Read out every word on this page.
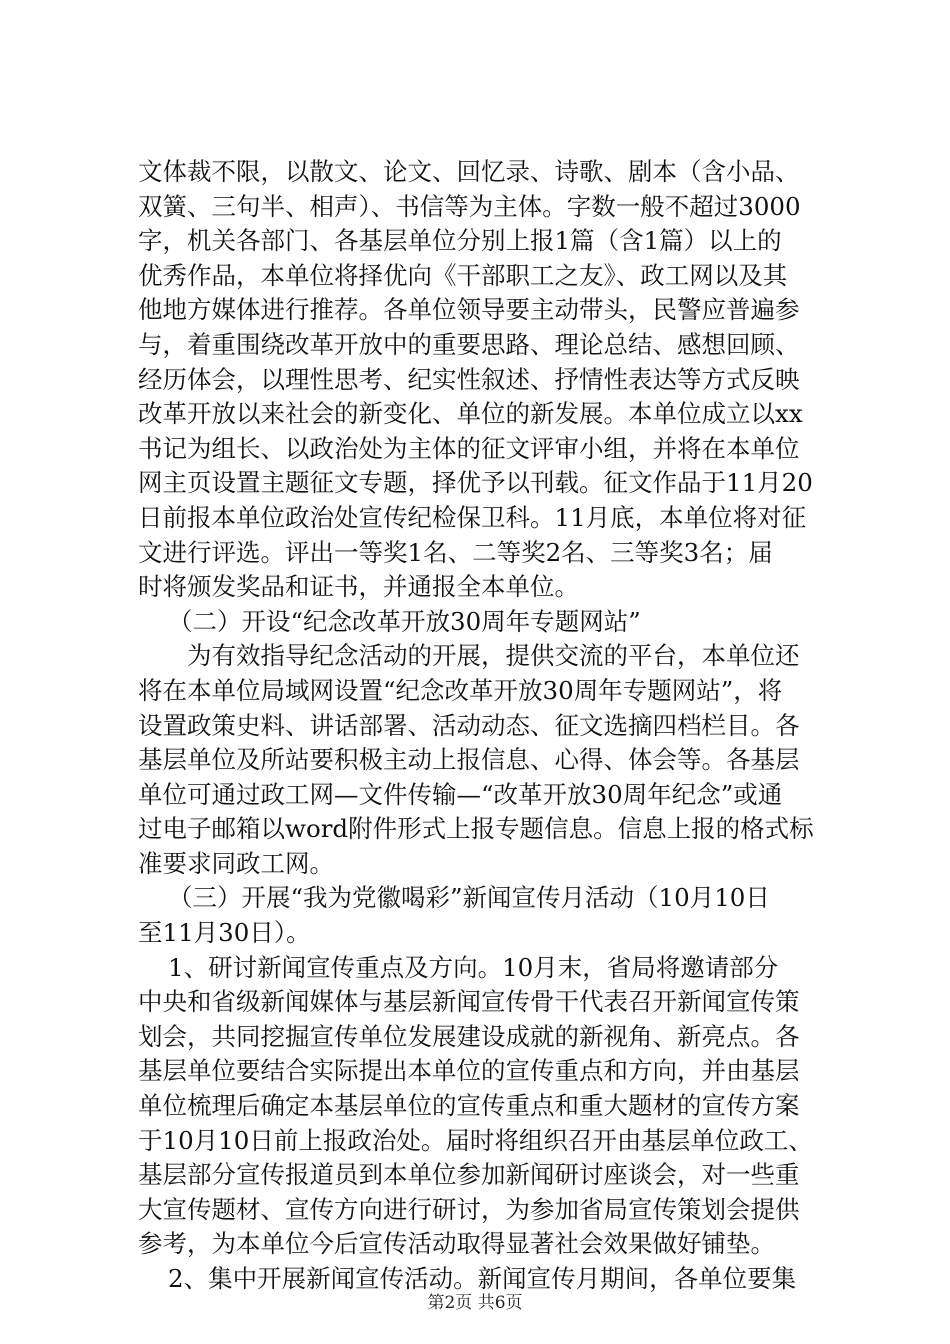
文体裁不限，以散文、论文、回忆录、诗歌、剧本（含小品、
双簧、三句半、相声）、书信等为主体。字数一般不超过3000
字，机关各部门、各基层单位分别上报1篇（含1篇）以上的
优秀作品，本单位将择优向《干部职工之友》、政工网以及其
他地方媒体进行推荐。各单位领导要主动带头，民警应普遍参
与，着重围绕改革开放中的重要思路、理论总结、感想回顾、
经历体会，以理性思考、纪实性叙述、抒情性表达等方式反映
改革开放以来社会的新变化、单位的新发展。本单位成立以xx
书记为组长、以政治处为主体的征文评审小组，并将在本单位
网主页设置主题征文专题，择优予以刊载。征文作品于11月20
日前报本单位政治处宣传纪检保卫科。11月底，本单位将对征
文进行评选。评出一等奖1名、二等奖2名、三等奖3名；届
时将颁发奖品和证书，并通报全本单位。
（二）开设“纪念改革开放30周年专题网站”
为有效指导纪念活动的开展，提供交流的平台，本单位还
将在本单位局域网设置“纪念改革开放30周年专题网站”，将
设置政策史料、讲话部署、活动动态、征文选摘四档栏目。各
基层单位及所站要积极主动上报信息、心得、体会等。各基层
单位可通过政工网—文件传输—“改革开放30周年纪念”或通
过电子邮箱以word附件形式上报专题信息。信息上报的格式标
准要求同政工网。
（三）开展“我为党徽喝彩”新闻宣传月活动（10月10日
至11月30日）。
1、研讨新闻宣传重点及方向。10月末，省局将邀请部分
中央和省级新闻媒体与基层新闻宣传骨干代表召开新闻宣传策
划会，共同挖掘宣传单位发展建设成就的新视角、新亮点。各
基层单位要结合实际提出本单位的宣传重点和方向，并由基层
单位梳理后确定本基层单位的宣传重点和重大题材的宣传方案
于10月10日前上报政治处。届时将组织召开由基层单位政工、
基层部分宣传报道员到本单位参加新闻研讨座谈会，对一些重
大宣传题材、宣传方向进行研讨，为参加省局宣传策划会提供
参考，为本单位今后宣传活动取得显著社会效果做好铺垫。
2、集中开展新闻宣传活动。新闻宣传月期间，各单位要集
第2页 共6页
